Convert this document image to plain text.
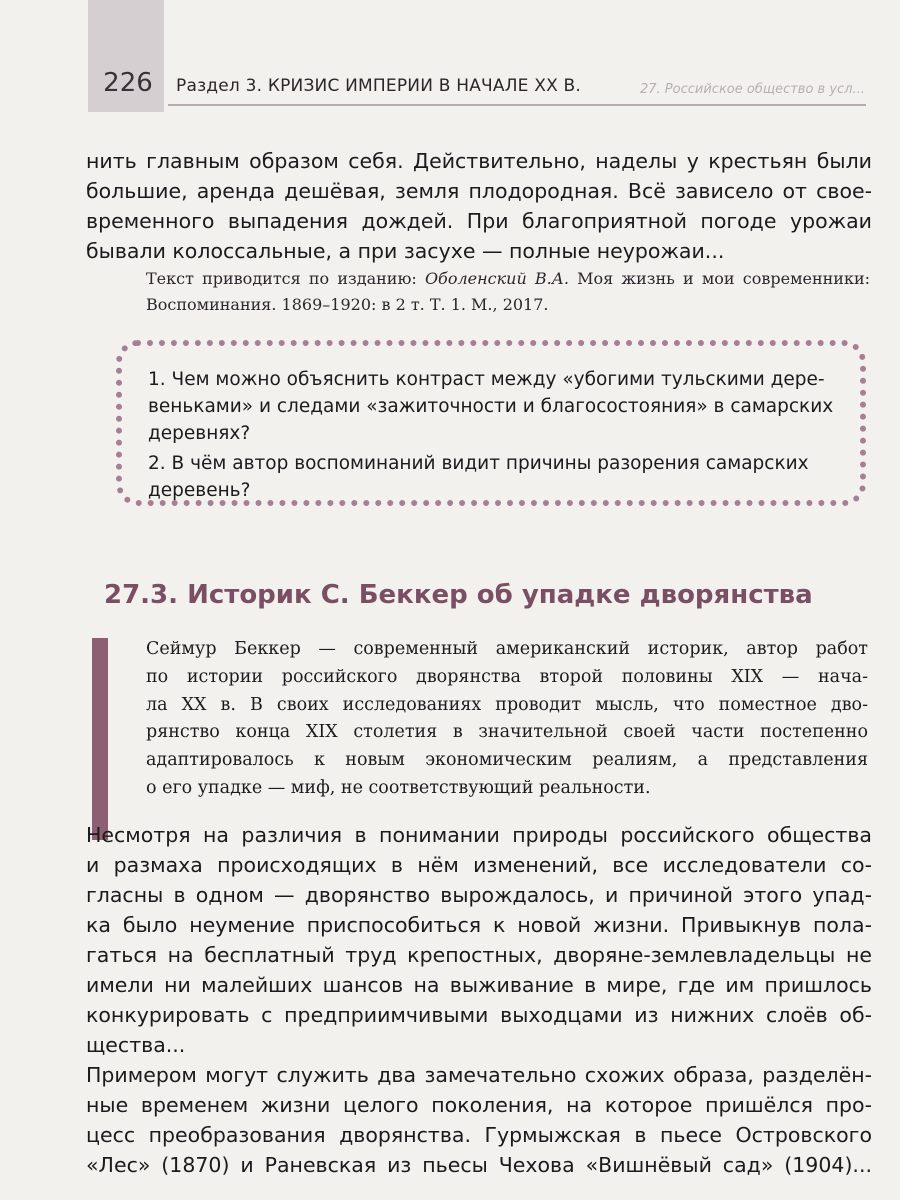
226	Раздел 3. КРИЗИС ИМПЕРИИ В НАЧАЛЕ XX В.	27. Российское общество в усл...

нить главным образом себя. Действительно, наделы у крестьян были

большие, аренда дешёвая, земля плодородная. Всё зависело от свое-

временного выпадения дождей. При благоприятной погоде урожаи

бывали колоссальные, а при засухе — полные неурожаи...

Текст приводится по изданию: Оболенский В.А. Моя жизнь и мои современники:
Воспоминания. 1869–1920: в 2 т. Т. 1. М., 2017.
1. Чем можно объяснить контраст между «убогими тульскими дере-
веньками» и следами «зажиточности и благосостояния» в самарских
деревнях?
2. В чём автор воспоминаний видит причины разорения самарских
деревень?
27.3. Историк С. Беккер об упадке дворянства
Сеймур Беккер — современный американский историк, автор работ
по истории российского дворянства второй половины XIX — нача-
ла XX в. В своих исследованиях проводит мысль, что поместное дво-
рянство конца XIX столетия в значительной своей части постепенно
адаптировалось к новым экономическим реалиям, а представления
о его упадке — миф, не соответствующий реальности.

Несмотря на различия в понимании природы российского общества

и размаха происходящих в нём изменений, все исследователи со-

гласны в одном — дворянство вырождалось, и причиной этого упад-

ка было неумение приспособиться к новой жизни. Привыкнув пола-

гаться на бесплатный труд крепостных, дворяне-землевладельцы не

имели ни малейших шансов на выживание в мире, где им пришлось

конкурировать с предприимчивыми выходцами из нижних слоёв об-

щества...

Примером могут служить два замечательно схожих образа, разделён-

ные временем жизни целого поколения, на которое пришёлся про-

цесс преобразования дворянства. Гурмыжская в пьесе Островского

«Лес» (1870) и Раневская из пьесы Чехова «Вишнёвый сад» (1904)...
